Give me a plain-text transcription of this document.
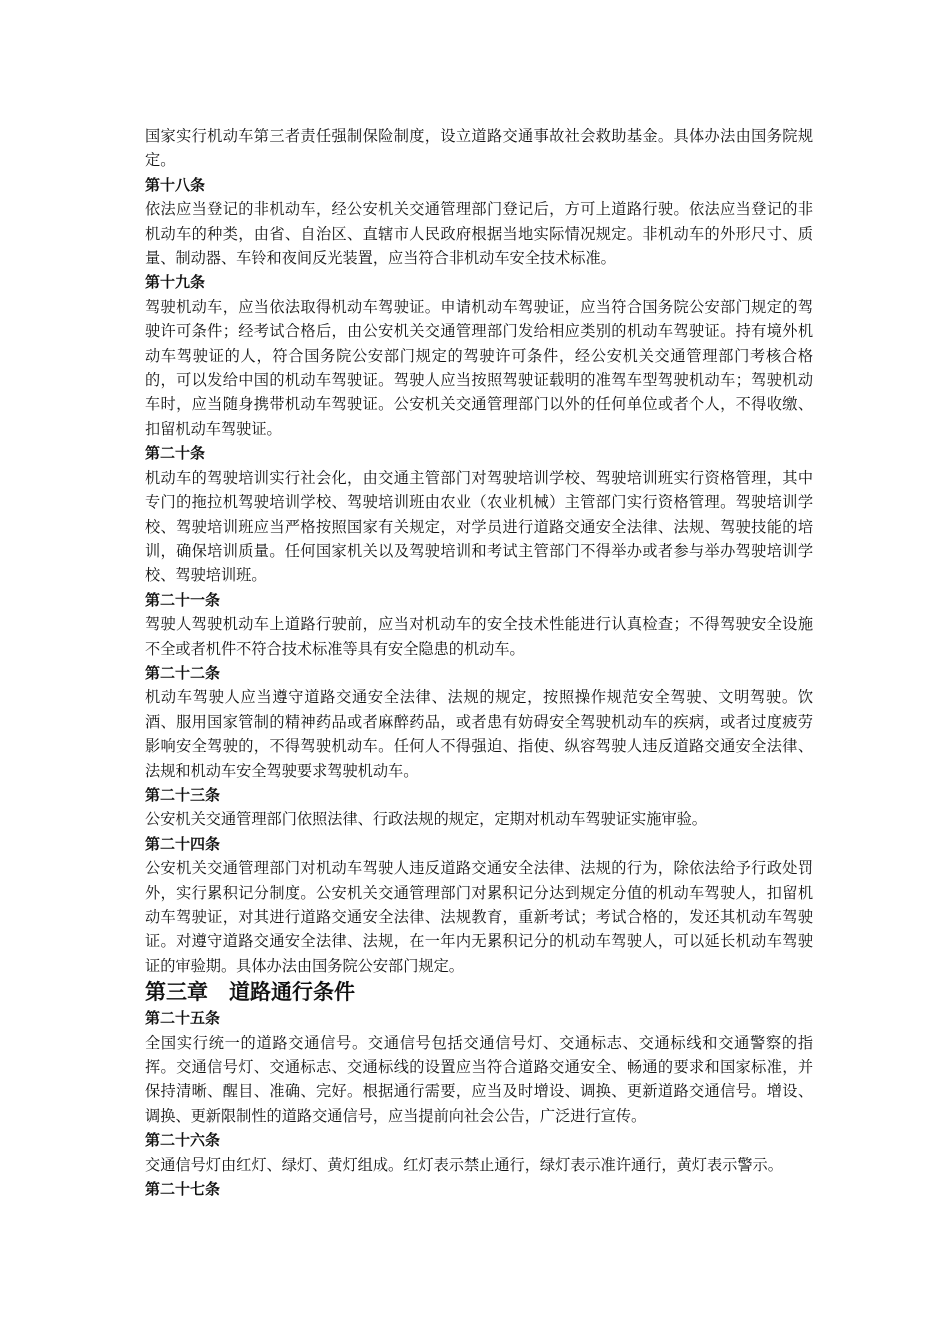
国家实行机动车第三者责任强制保险制度，设立道路交通事故社会救助基金。具体办法由国务院规定。

第十八条

依法应当登记的非机动车，经公安机关交通管理部门登记后，方可上道路行驶。依法应当登记的非机动车的种类，由省、自治区、直辖市人民政府根据当地实际情况规定。非机动车的外形尺寸、质量、制动器、车铃和夜间反光装置，应当符合非机动车安全技术标准。

第十九条

驾驶机动车，应当依法取得机动车驾驶证。申请机动车驾驶证，应当符合国务院公安部门规定的驾驶许可条件；经考试合格后，由公安机关交通管理部门发给相应类别的机动车驾驶证。持有境外机动车驾驶证的人，符合国务院公安部门规定的驾驶许可条件，经公安机关交通管理部门考核合格的，可以发给中国的机动车驾驶证。驾驶人应当按照驾驶证载明的准驾车型驾驶机动车；驾驶机动车时，应当随身携带机动车驾驶证。公安机关交通管理部门以外的任何单位或者个人，不得收缴、扣留机动车驾驶证。

第二十条

机动车的驾驶培训实行社会化，由交通主管部门对驾驶培训学校、驾驶培训班实行资格管理，其中专门的拖拉机驾驶培训学校、驾驶培训班由农业（农业机械）主管部门实行资格管理。驾驶培训学校、驾驶培训班应当严格按照国家有关规定，对学员进行道路交通安全法律、法规、驾驶技能的培训，确保培训质量。任何国家机关以及驾驶培训和考试主管部门不得举办或者参与举办驾驶培训学校、驾驶培训班。

第二十一条

驾驶人驾驶机动车上道路行驶前，应当对机动车的安全技术性能进行认真检查；不得驾驶安全设施不全或者机件不符合技术标准等具有安全隐患的机动车。

第二十二条

机动车驾驶人应当遵守道路交通安全法律、法规的规定，按照操作规范安全驾驶、文明驾驶。饮酒、服用国家管制的精神药品或者麻醉药品，或者患有妨碍安全驾驶机动车的疾病，或者过度疲劳影响安全驾驶的，不得驾驶机动车。任何人不得强迫、指使、纵容驾驶人违反道路交通安全法律、法规和机动车安全驾驶要求驾驶机动车。

第二十三条

公安机关交通管理部门依照法律、行政法规的规定，定期对机动车驾驶证实施审验。

第二十四条

公安机关交通管理部门对机动车驾驶人违反道路交通安全法律、法规的行为，除依法给予行政处罚外，实行累积记分制度。公安机关交通管理部门对累积记分达到规定分值的机动车驾驶人，扣留机动车驾驶证，对其进行道路交通安全法律、法规教育，重新考试；考试合格的，发还其机动车驾驶证。对遵守道路交通安全法律、法规，在一年内无累积记分的机动车驾驶人，可以延长机动车驾驶证的审验期。具体办法由国务院公安部门规定。

第三章　道路通行条件

第二十五条

全国实行统一的道路交通信号。交通信号包括交通信号灯、交通标志、交通标线和交通警察的指挥。交通信号灯、交通标志、交通标线的设置应当符合道路交通安全、畅通的要求和国家标准，并保持清晰、醒目、准确、完好。根据通行需要，应当及时增设、调换、更新道路交通信号。增设、调换、更新限制性的道路交通信号，应当提前向社会公告，广泛进行宣传。

第二十六条

交通信号灯由红灯、绿灯、黄灯组成。红灯表示禁止通行，绿灯表示准许通行，黄灯表示警示。

第二十七条
